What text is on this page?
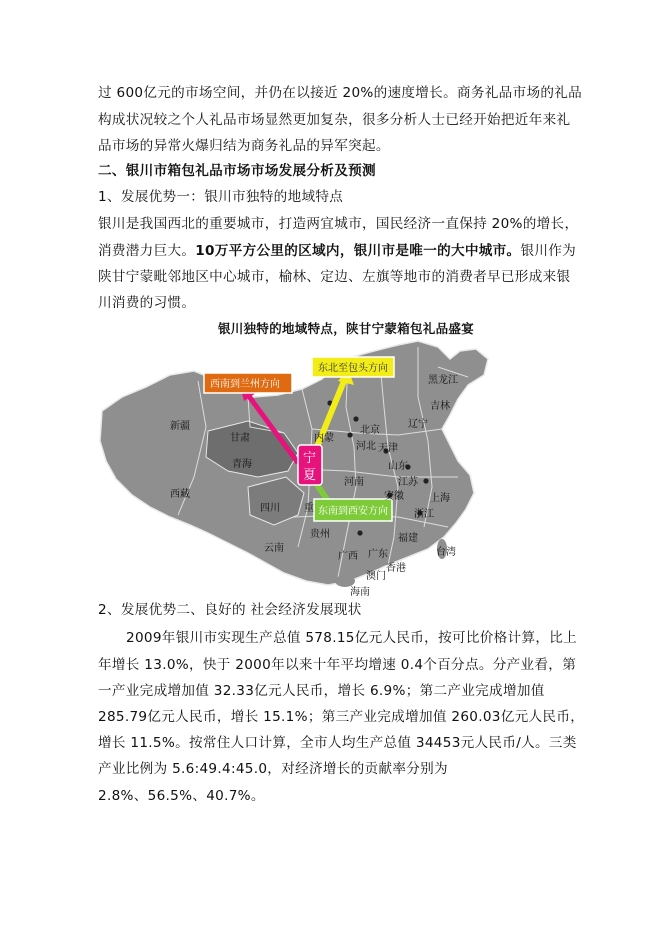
过 600亿元的市场空间，并仍在以接近 20%的速度增长。商务礼品市场的礼品
构成状况较之个人礼品市场显然更加复杂，很多分析人士已经开始把近年来礼
品市场的异常火爆归结为商务礼品的异军突起。
二、银川市箱包礼品市场市场发展分析及预测
1、发展优势一：银川市独特的地域特点
银川是我国西北的重要城市，打造两宜城市，国民经济一直保持 20%的增长，
消费潜力巨大。10万平方公里的区域内，银川市是唯一的大中城市。银川作为
陕甘宁蒙毗邻地区中心城市，榆林、定边、左旗等地市的消费者早已形成来银
川消费的习惯。
银川独特的地域特点，陕甘宁蒙箱包礼品盛宴
西南到兰州方向
东北至包头方向
东南到西安方向
宁
夏
黑龙江
吉林
辽宁
新疆
甘肃	内蒙
北京
河北 天津
青海	山东
河南	江苏
安徽	上海
西藏
四川
浙江
重
贵州	福建
云南
广西 广东	台湾
澳门
香港
海南
2、发展优势二、良好的 社会经济发展现状
2009年银川市实现生产总值 578.15亿元人民币，按可比价格计算，比上
年增长 13.0%，快于 2000年以来十年平均增速 0.4个百分点。分产业看，第
一产业完成增加值 32.33亿元人民币，增长 6.9%；第二产业完成增加值
285.79亿元人民币，增长 15.1%；第三产业完成增加值 260.03亿元人民币，
增长 11.5%。按常住人口计算，全市人均生产总值 34453元人民币/人。三类
产业比例为 5.6:49.4:45.0，对经济增长的贡献率分别为
2.8%、56.5%、40.7%。
